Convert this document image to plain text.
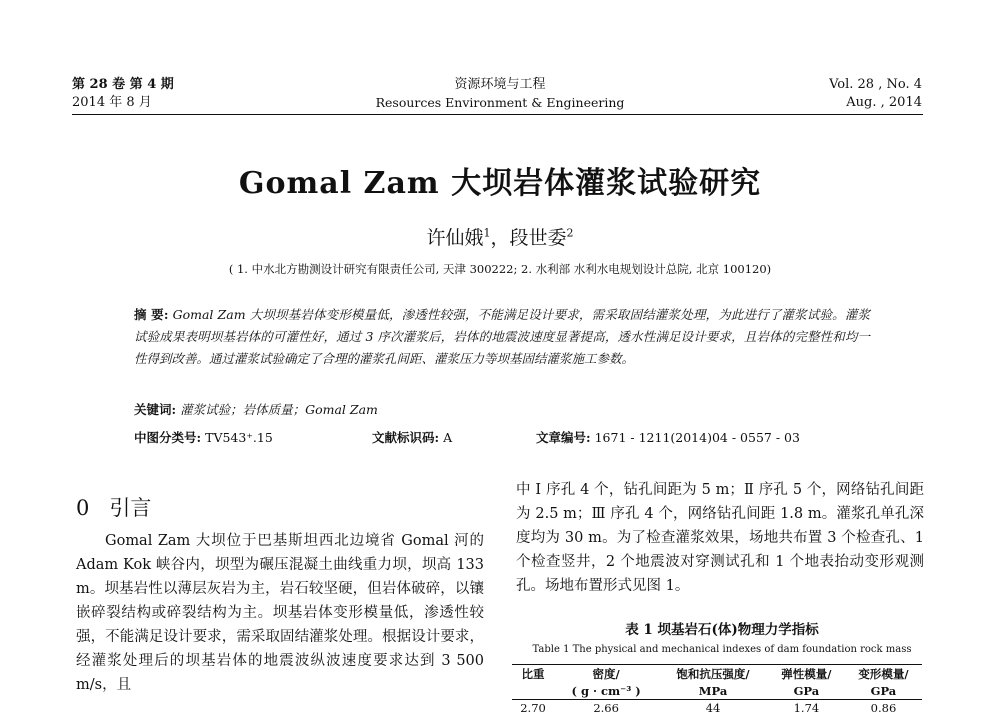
第 28 卷 第 4 期
2014 年 8 月
资源环境与工程
Resources Environment & Engineering
Vol. 28 , No. 4
Aug. , 2014
Gomal Zam 大坝岩体灌浆试验研究
许仙娥$^1$，段世委$^2$
( 1. 中水北方勘测设计研究有限责任公司, 天津 300222; 2. 水利部 水利水电规划设计总院, 北京 100120)
摘 要: Gomal Zam 大坝坝基岩体变形模量低，渗透性较强，不能满足设计要求，需采取固结灌浆处理，为此进行了灌浆试验。灌浆试验成果表明坝基岩体的可灌性好，通过 3 序次灌浆后，岩体的地震波速度显著提高，透水性满足设计要求，且岩体的完整性和均一性得到改善。通过灌浆试验确定了合理的灌浆孔间距、灌浆压力等坝基固结灌浆施工参数。
关键词: 灌浆试验；岩体质量；Gomal Zam
中图分类号: TV543⁺.15	文献标识码: A	文章编号: 1671 - 1211(2014)04 - 0557 - 03
0 引言

Gomal Zam 大坝位于巴基斯坦西北边境省 Gomal 河的 Adam Kok 峡谷内，坝型为碾压混凝土曲线重力坝，坝高 133 m。坝基岩性以薄层灰岩为主，岩石较坚硬，但岩体破碎，以镶嵌碎裂结构或碎裂结构为主。坝基岩体变形模量低，渗透性较强，不能满足设计要求，需采取固结灌浆处理。根据设计要求，经灌浆处理后的坝基岩体的地震波纵波速度要求达到 3 500 m/s，且

中 Ⅰ 序孔 4 个，钻孔间距为 5 m；Ⅱ 序孔 5 个，网络钻孔间距为 2.5 m；Ⅲ 序孔 4 个，网络钻孔间距 1.8 m。灌浆孔单孔深度均为 30 m。为了检查灌浆效果，场地共布置 3 个检查孔、1 个检查竖井，2 个地震波对穿测试孔和 1 个地表抬动变形观测孔。场地布置形式见图 1。

表 1 坝基岩石(体)物理力学指标
Table 1 The physical and mechanical indexes of dam foundation rock mass
比重	密度/	饱和抗压强度/	弹性模量/	变形模量/
	( g · cm⁻³ )	MPa	GPa	GPa
2.70	2.66	44	1.74	0.86
